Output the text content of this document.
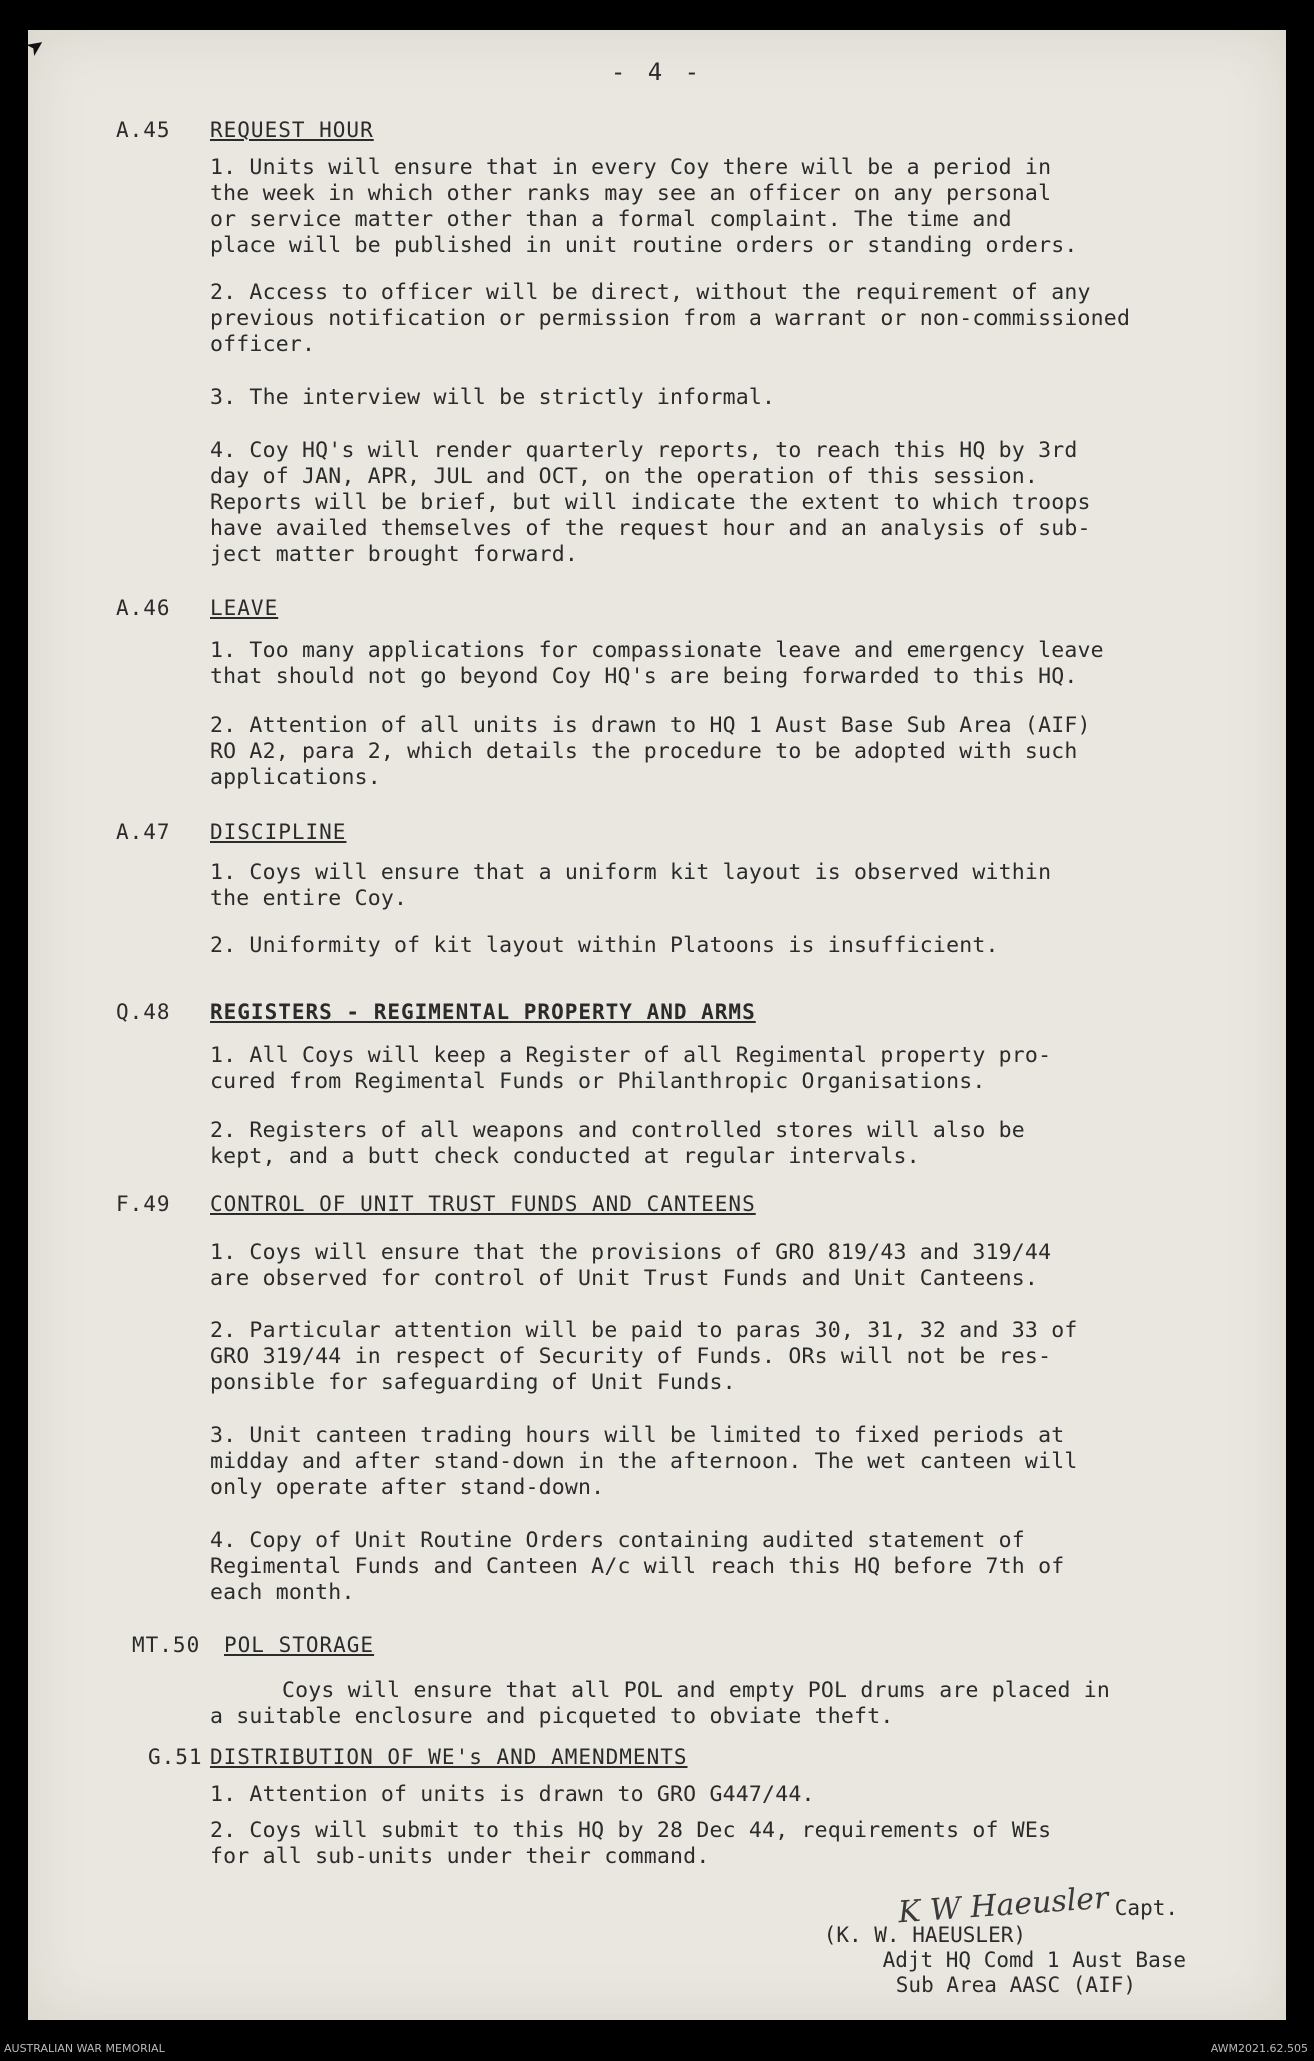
- 4 -
➤
A.45 REQUEST HOUR
1. Units will ensure that in every Coy there will be a period in
the week in which other ranks may see an officer on any personal
or service matter other than a formal complaint. The time and
place will be published in unit routine orders or standing orders.
2. Access to officer will be direct, without the requirement of any
previous notification or permission from a warrant or non-commissioned
officer.
3. The interview will be strictly informal.
4. Coy HQ's will render quarterly reports, to reach this HQ by 3rd
day of JAN, APR, JUL and OCT, on the operation of this session.
Reports will be brief, but will indicate the extent to which troops
have availed themselves of the request hour and an analysis of sub-
ject matter brought forward.
A.46 LEAVE
1. Too many applications for compassionate leave and emergency leave
that should not go beyond Coy HQ's are being forwarded to this HQ.
2. Attention of all units is drawn to HQ 1 Aust Base Sub Area (AIF)
RO A2, para 2, which details the procedure to be adopted with such
applications.
A.47 DISCIPLINE
1. Coys will ensure that a uniform kit layout is observed within
the entire Coy.
2. Uniformity of kit layout within Platoons is insufficient.
Q.48 REGISTERS - REGIMENTAL PROPERTY AND ARMS
1. All Coys will keep a Register of all Regimental property pro-
cured from Regimental Funds or Philanthropic Organisations.
2. Registers of all weapons and controlled stores will also be
kept, and a butt check conducted at regular intervals.
F.49 CONTROL OF UNIT TRUST FUNDS AND CANTEENS
1. Coys will ensure that the provisions of GRO 819/43 and 319/44
are observed for control of Unit Trust Funds and Unit Canteens.
2. Particular attention will be paid to paras 30, 31, 32 and 33 of
GRO 319/44 in respect of Security of Funds. ORs will not be res-
ponsible for safeguarding of Unit Funds.
3. Unit canteen trading hours will be limited to fixed periods at
midday and after stand-down in the afternoon. The wet canteen will
only operate after stand-down.
4. Copy of Unit Routine Orders containing audited statement of
Regimental Funds and Canteen A/c will reach this HQ before 7th of
each month.
MT.50 POL STORAGE
Coys will ensure that all POL and empty POL drums are placed in
a suitable enclosure and picqueted to obviate theft.
G.51 DISTRIBUTION OF WE's AND AMENDMENTS
1. Attention of units is drawn to GRO G447/44.
2. Coys will submit to this HQ by 28 Dec 44, requirements of WEs
for all sub-units under their command.
K W Haeusler Capt.
(K. W. HAEUSLER)
Adjt HQ Comd 1 Aust Base
Sub Area AASC (AIF)
AUSTRALIAN WAR MEMORIAL	AWM2021.62.505
